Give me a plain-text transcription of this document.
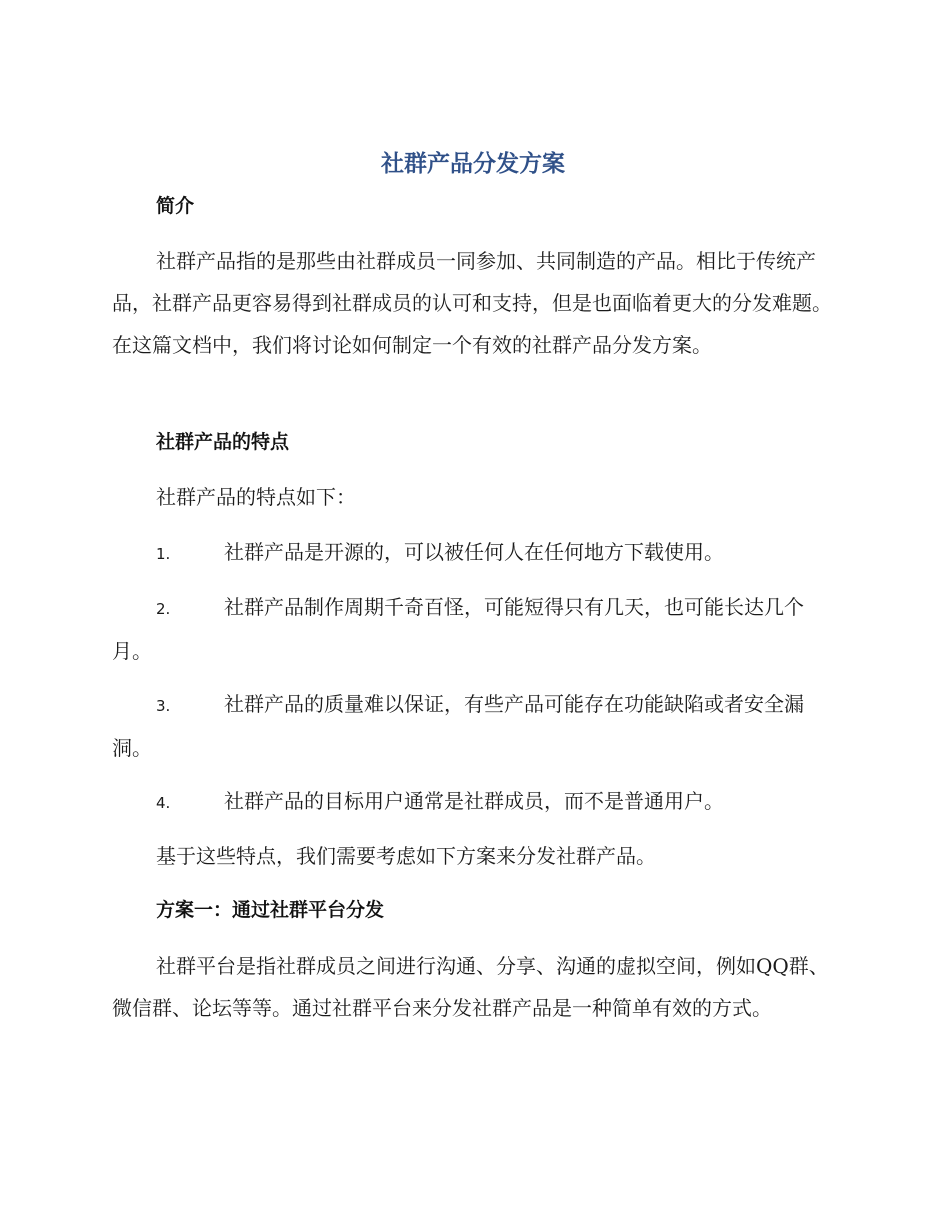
社群产品分发方案
简介
社群产品指的是那些由社群成员一同参加、共同制造的产品。相比于传统产品，社群产品更容易得到社群成员的认可和支持，但是也面临着更大的分发难题。在这篇文档中，我们将讨论如何制定一个有效的社群产品分发方案。
社群产品的特点
社群产品的特点如下：
1.	社群产品是开源的，可以被任何人在任何地方下载使用。
2.	社群产品制作周期千奇百怪，可能短得只有几天，也可能长达几个月。
3.	社群产品的质量难以保证，有些产品可能存在功能缺陷或者安全漏洞。
4.	社群产品的目标用户通常是社群成员，而不是普通用户。
基于这些特点，我们需要考虑如下方案来分发社群产品。
方案一：通过社群平台分发
社群平台是指社群成员之间进行沟通、分享、沟通的虚拟空间，例如QQ群、微信群、论坛等等。通过社群平台来分发社群产品是一种简单有效的方式。
